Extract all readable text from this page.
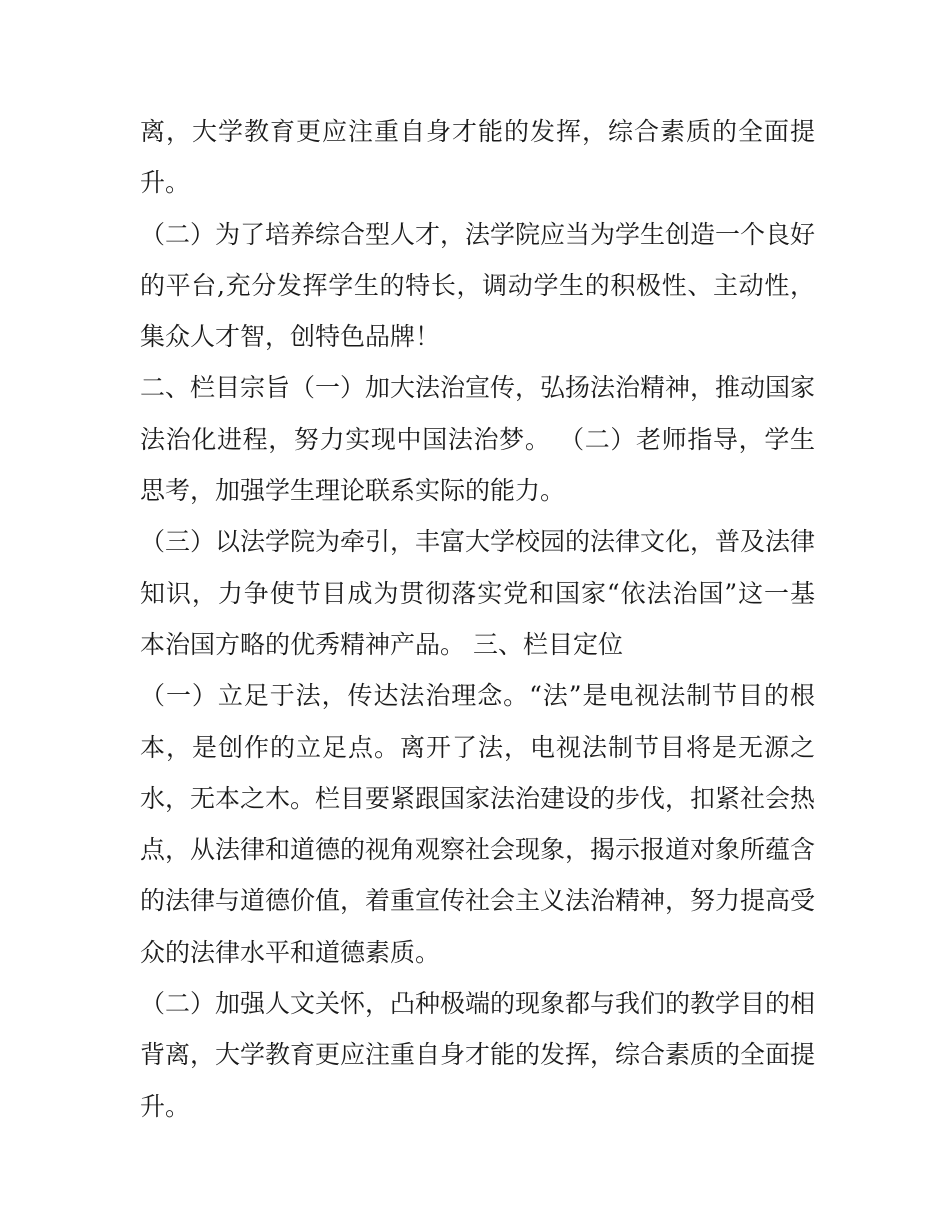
离，大学教育更应注重自身才能的发挥，综合素质的全面提升。

（二）为了培养综合型人才，法学院应当为学生创造一个良好的平台,充分发挥学生的特长，调动学生的积极性、主动性，集众人才智，创特色品牌！

二、栏目宗旨（一）加大法治宣传，弘扬法治精神，推动国家法治化进程，努力实现中国法治梦。 （二）老师指导，学生思考，加强学生理论联系实际的能力。

（三）以法学院为牵引，丰富大学校园的法律文化，普及法律知识，力争使节目成为贯彻落实党和国家“依法治国”这一基本治国方略的优秀精神产品。 三、栏目定位

（一）立足于法，传达法治理念。“法”是电视法制节目的根本，是创作的立足点。离开了法，电视法制节目将是无源之水，无本之木。栏目要紧跟国家法治建设的步伐，扣紧社会热点，从法律和道德的视角观察社会现象，揭示报道对象所蕴含的法律与道德价值，着重宣传社会主义法治精神，努力提高受众的法律水平和道德素质。

（二）加强人文关怀，凸种极端的现象都与我们的教学目的相背离，大学教育更应注重自身才能的发挥，综合素质的全面提升。
